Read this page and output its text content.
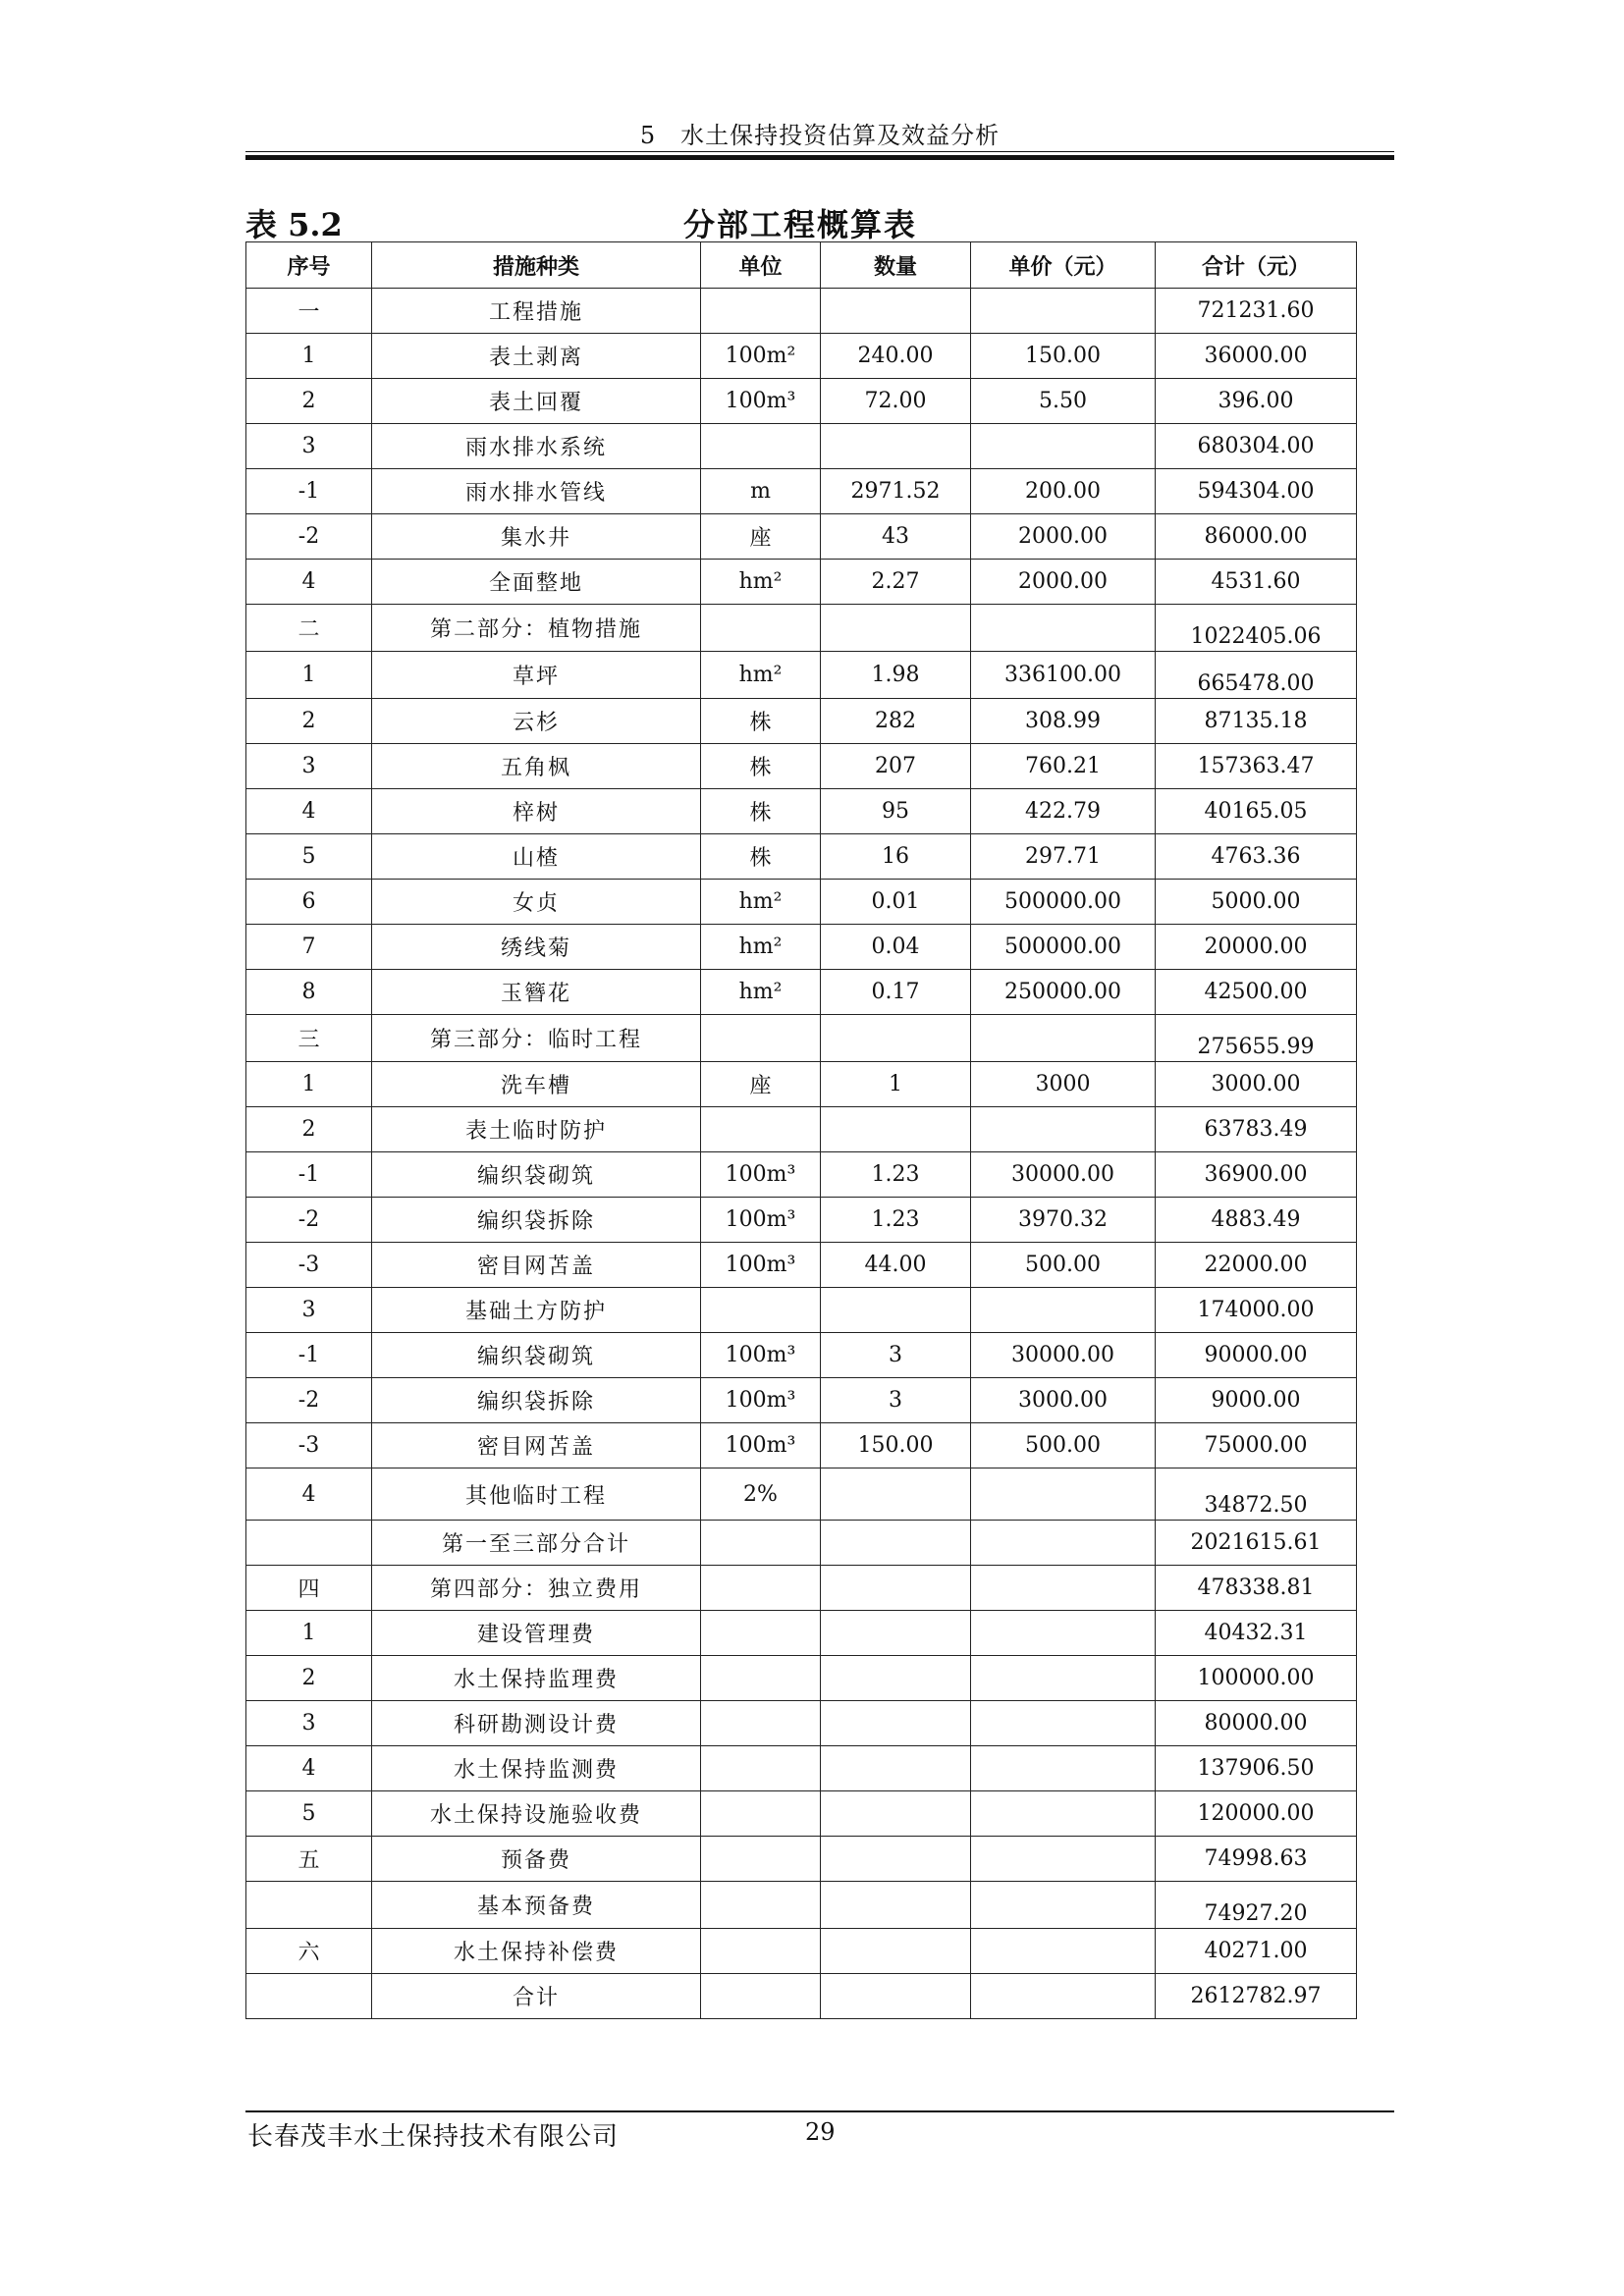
5　水土保持投资估算及效益分析
表 5.2	分部工程概算表
序号	措施种类	单位	数量	单价（元）	合计（元）
一	工程措施				721231.60
1	表土剥离	100m²	240.00	150.00	36000.00
2	表土回覆	100m³	72.00	5.50	396.00
3	雨水排水系统				680304.00
-1	雨水排水管线	m	2971.52	200.00	594304.00
-2	集水井	座	43	2000.00	86000.00
4	全面整地	hm²	2.27	2000.00	4531.60
二	第二部分：植物措施				1022405.06
1	草坪	hm²	1.98	336100.00	665478.00
2	云杉	株	282	308.99	87135.18
3	五角枫	株	207	760.21	157363.47
4	梓树	株	95	422.79	40165.05
5	山楂	株	16	297.71	4763.36
6	女贞	hm²	0.01	500000.00	5000.00
7	绣线菊	hm²	0.04	500000.00	20000.00
8	玉簪花	hm²	0.17	250000.00	42500.00
三	第三部分：临时工程				275655.99
1	洗车槽	座	1	3000	3000.00
2	表土临时防护				63783.49
-1	编织袋砌筑	100m³	1.23	30000.00	36900.00
-2	编织袋拆除	100m³	1.23	3970.32	4883.49
-3	密目网苫盖	100m³	44.00	500.00	22000.00
3	基础土方防护				174000.00
-1	编织袋砌筑	100m³	3	30000.00	90000.00
-2	编织袋拆除	100m³	3	3000.00	9000.00
-3	密目网苫盖	100m³	150.00	500.00	75000.00
4	其他临时工程	2%			34872.50
	第一至三部分合计				2021615.61
四	第四部分：独立费用				478338.81
1	建设管理费				40432.31
2	水土保持监理费				100000.00
3	科研勘测设计费				80000.00
4	水土保持监测费				137906.50
5	水土保持设施验收费				120000.00
五	预备费				74998.63
	基本预备费				74927.20
六	水土保持补偿费				40271.00
	合计				2612782.97
长春茂丰水土保持技术有限公司	29
